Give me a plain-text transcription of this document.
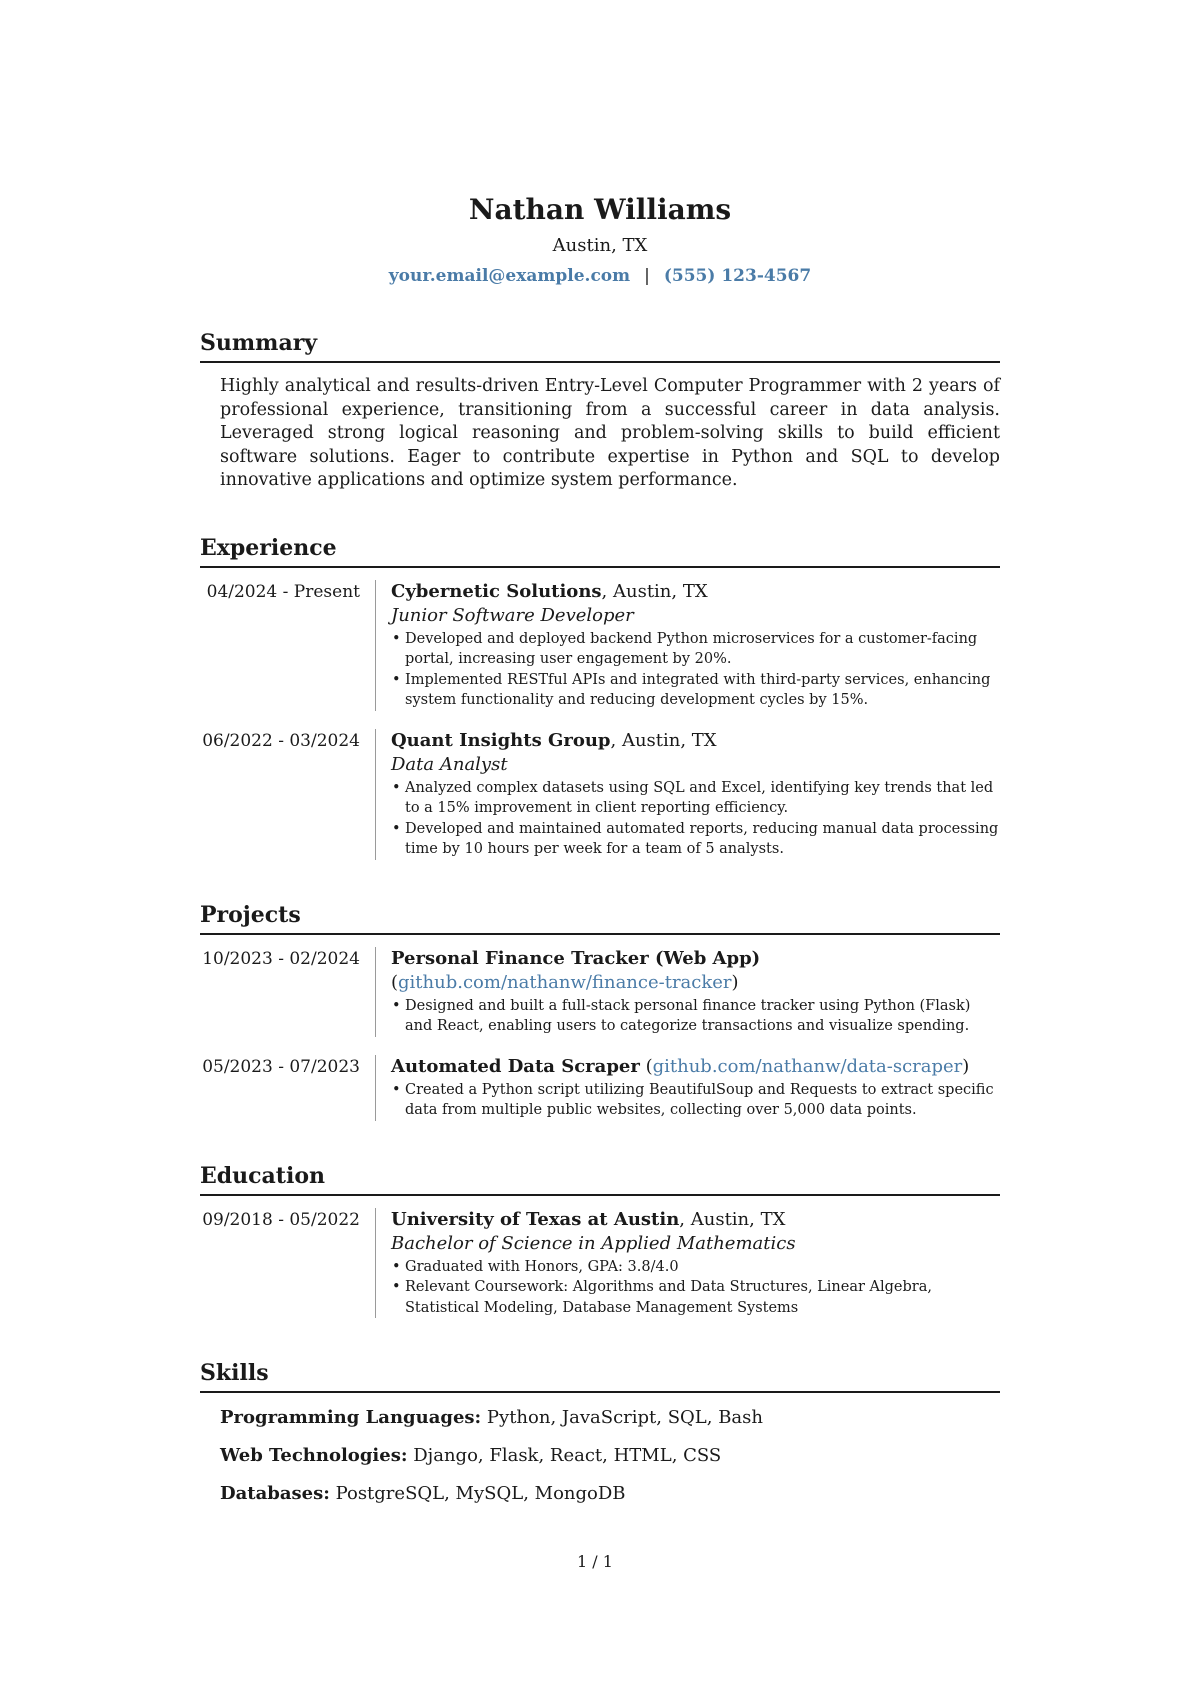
Nathan Williams
Austin, TX
your.email@example.com | (555) 123-4567
Summary
Highly analytical and results-driven Entry-Level Computer Programmer with 2 years of professional experience, transitioning from a successful career in data analysis. Leveraged strong logical reasoning and problem-solving skills to build efficient software solutions. Eager to contribute expertise in Python and SQL to develop innovative applications and optimize system performance.
Experience
04/2024 - Present	Cybernetic Solutions, Austin, TX
Junior Software Developer
• Developed and deployed backend Python microservices for a customer-facing portal, increasing user engagement by 20%.
• Implemented RESTful APIs and integrated with third-party services, enhancing system functionality and reducing development cycles by 15%.
06/2022 - 03/2024	Quant Insights Group, Austin, TX
Data Analyst
• Analyzed complex datasets using SQL and Excel, identifying key trends that led to a 15% improvement in client reporting efficiency.
• Developed and maintained automated reports, reducing manual data processing time by 10 hours per week for a team of 5 analysts.
Projects
10/2023 - 02/2024	Personal Finance Tracker (Web App) (github.com/nathanw/finance-tracker)
• Designed and built a full-stack personal finance tracker using Python (Flask) and React, enabling users to categorize transactions and visualize spending.
05/2023 - 07/2023	Automated Data Scraper (github.com/nathanw/data-scraper)
• Created a Python script utilizing BeautifulSoup and Requests to extract specific data from multiple public websites, collecting over 5,000 data points.
Education
09/2018 - 05/2022	University of Texas at Austin, Austin, TX
Bachelor of Science in Applied Mathematics
• Graduated with Honors, GPA: 3.8/4.0
• Relevant Coursework: Algorithms and Data Structures, Linear Algebra, Statistical Modeling, Database Management Systems
Skills
Programming Languages: Python, JavaScript, SQL, Bash
Web Technologies: Django, Flask, React, HTML, CSS
Databases: PostgreSQL, MySQL, MongoDB
1 / 1
